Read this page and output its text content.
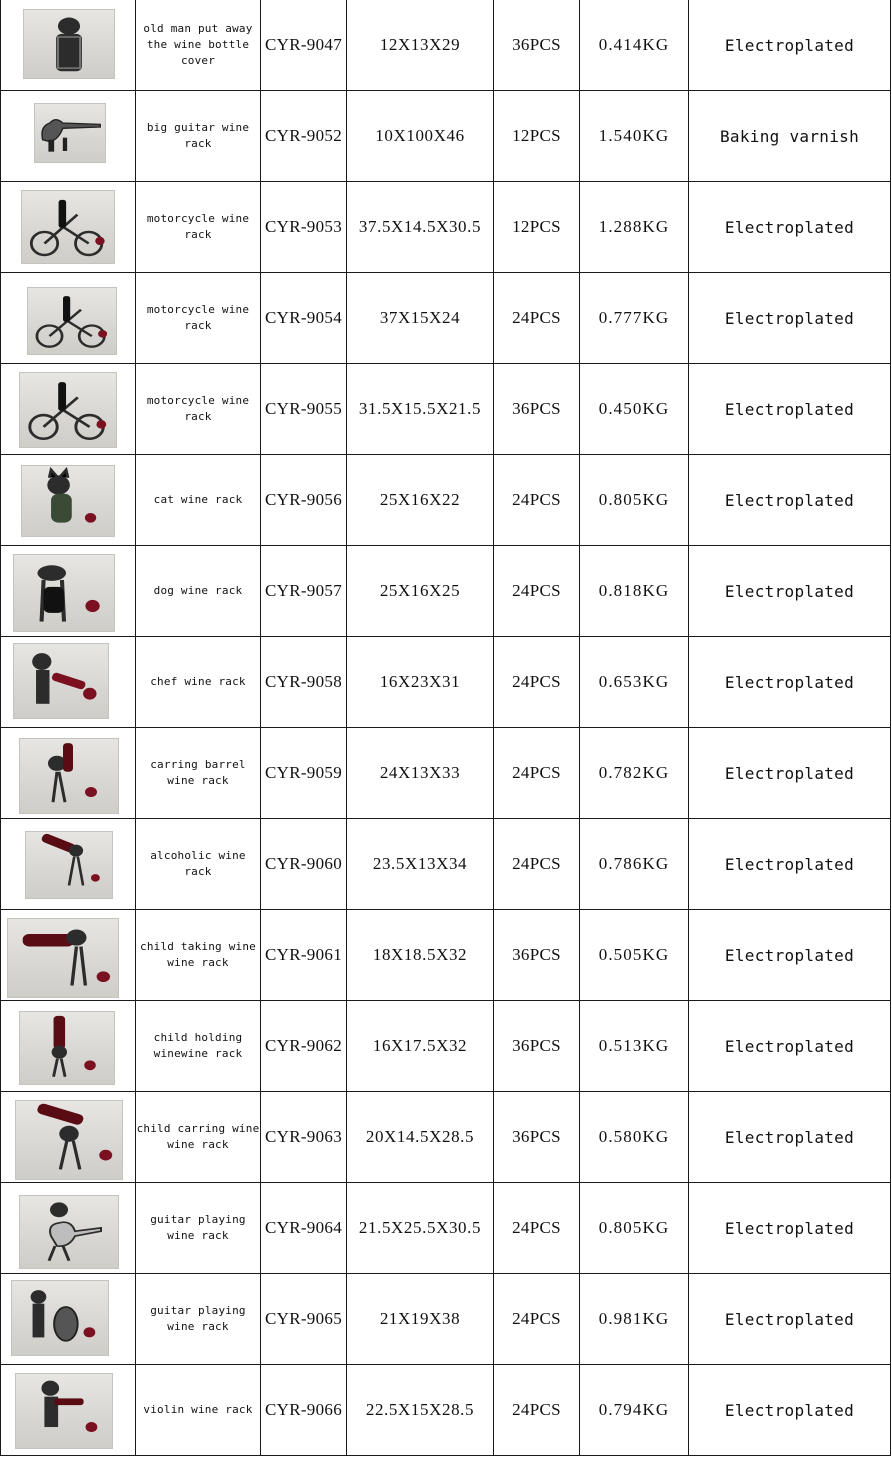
old man put away the wine bottle cover	CYR-9047	12X13X29	36PCS	0.414KG	Electroplated

big guitar wine rack	CYR-9052	10X100X46	12PCS	1.540KG	Baking varnish

motorcycle wine rack	CYR-9053	37.5X14.5X30.5	12PCS	1.288KG	Electroplated

motorcycle wine rack	CYR-9054	37X15X24	24PCS	0.777KG	Electroplated

motorcycle wine rack	CYR-9055	31.5X15.5X21.5	36PCS	0.450KG	Electroplated

cat wine rack	CYR-9056	25X16X22	24PCS	0.805KG	Electroplated

dog wine rack	CYR-9057	25X16X25	24PCS	0.818KG	Electroplated

chef wine rack	CYR-9058	16X23X31	24PCS	0.653KG	Electroplated

carring barrel wine rack	CYR-9059	24X13X33	24PCS	0.782KG	Electroplated

alcoholic wine rack	CYR-9060	23.5X13X34	24PCS	0.786KG	Electroplated

child taking wine wine rack	CYR-9061	18X18.5X32	36PCS	0.505KG	Electroplated

child holding winewine rack	CYR-9062	16X17.5X32	36PCS	0.513KG	Electroplated

child carring wine wine rack	CYR-9063	20X14.5X28.5	36PCS	0.580KG	Electroplated

guitar playing wine rack	CYR-9064	21.5X25.5X30.5	24PCS	0.805KG	Electroplated

guitar playing wine rack	CYR-9065	21X19X38	24PCS	0.981KG	Electroplated

violin wine rack	CYR-9066	22.5X15X28.5	24PCS	0.794KG	Electroplated
